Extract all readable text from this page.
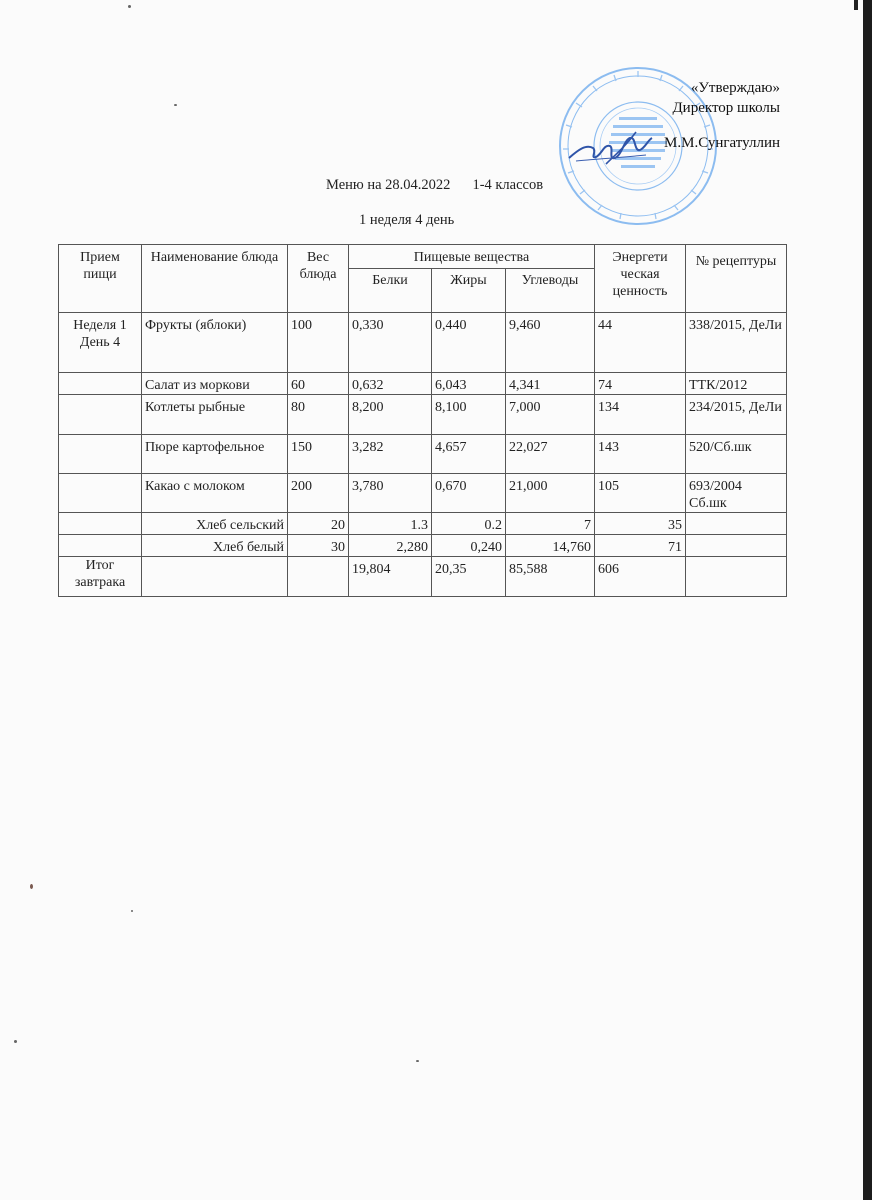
«Утверждаю»
Директор школы
М.М.Сунгатуллин
Меню на 28.04.2022 1-4 классов
1 неделя 4 день
Прием пищи	Наименование блюда	Вес блюда	Пищевые вещества			Энергети ческая ценность	№ рецептуры
			Белки	Жиры	Углеводы		
Неделя 1 День 4	Фрукты (яблоки)	100	0,330	0,440	9,460	44	338/2015, ДеЛи
	Салат из моркови	60	0,632	6,043	4,341	74	ТТК/2012
	Котлеты рыбные	80	8,200	8,100	7,000	134	234/2015, ДеЛи
	Пюре картофельное	150	3,282	4,657	22,027	143	520/Сб.шк
	Какао с молоком	200	3,780	0,670	21,000	105	693/2004 Сб.шк
	Хлеб сельский	20	1.3	0.2	7	35	
	Хлеб белый	30	2,280	0,240	14,760	71	
Итог завтрака			19,804	20,35	85,588	606	
